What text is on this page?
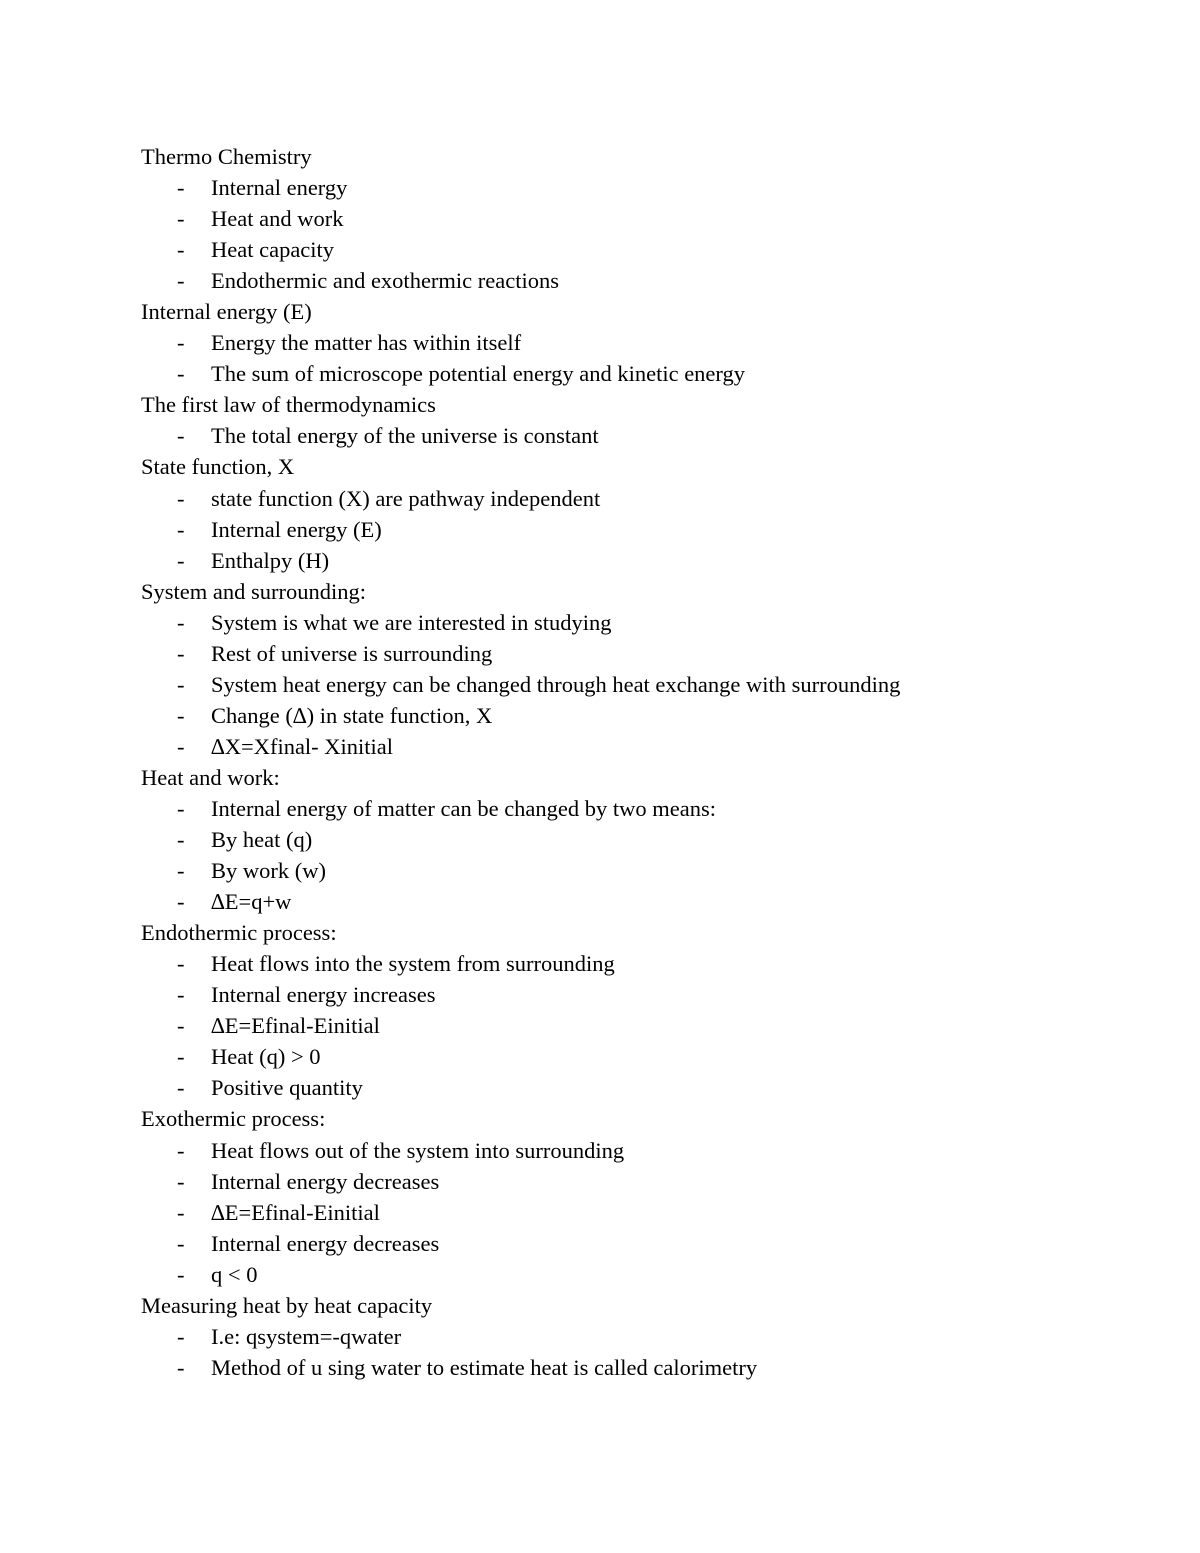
Thermo Chemistry
- Internal energy
- Heat and work
- Heat capacity
- Endothermic and exothermic reactions
Internal energy (E)
- Energy the matter has within itself
- The sum of microscope potential energy and kinetic energy
The first law of thermodynamics
- The total energy of the universe is constant
State function, X
- state function (X) are pathway independent
- Internal energy (E)
- Enthalpy (H)
System and surrounding:
- System is what we are interested in studying
- Rest of universe is surrounding
- System heat energy can be changed through heat exchange with surrounding
- Change (∆) in state function, X
- ∆X=Xfinal- Xinitial
Heat and work:
- Internal energy of matter can be changed by two means:
- By heat (q)
- By work (w)
- ∆E=q+w
Endothermic process:
- Heat flows into the system from surrounding
- Internal energy increases
- ∆E=Efinal-Einitial
- Heat (q) > 0
- Positive quantity
Exothermic process:
- Heat flows out of the system into surrounding
- Internal energy decreases
- ∆E=Efinal-Einitial
- Internal energy decreases
- q < 0
Measuring heat by heat capacity
- I.e: qsystem=-qwater
- Method of u sing water to estimate heat is called calorimetry
